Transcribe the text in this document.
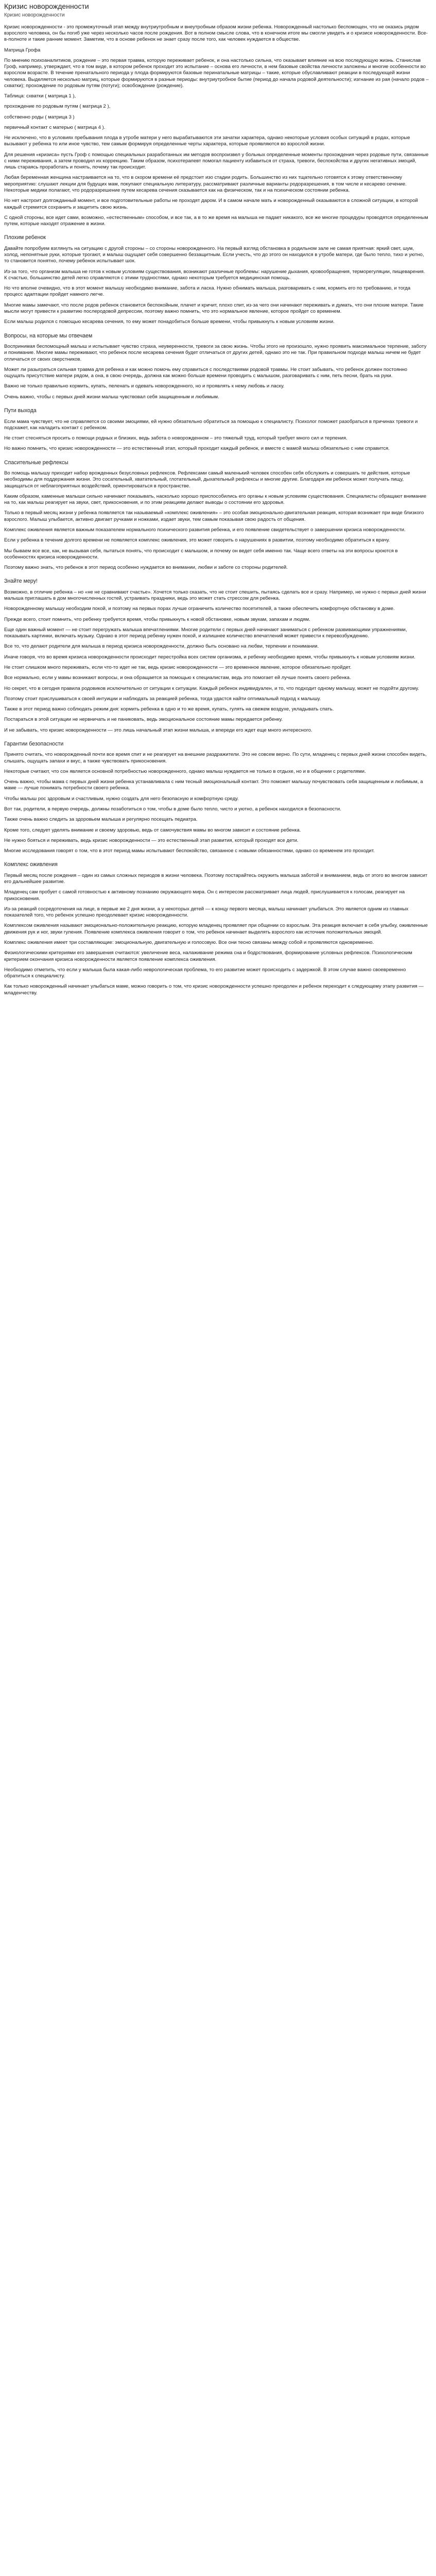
Кризис новорожденности
Кризис новорожденности

Кризис новорожденности - это промежуточный этап между внутриутробным и внеутробным образом жизни ребенка. Новорожденный настолько беспомощен, что не оказись рядом взрослого человека, он бы погиб уже через несколько часов после рождения. Вот в полном смысле слова, что в конечном итоге мы смогли увидеть и о кризисе новорожденности. Все-в-полноте и такие ранние момент. Заметим, что в основе ребенок не знает сразу после того, как человек нуждается в обществе.

Матрица Грофа

По мнению психоаналитиков, рождение – это первая травма, которую переживает ребенок, и она настолько сильна, что оказывает влияние на всю последующую жизнь. Станислав Гроф, например, утверждает, что в том виде, в котором ребенок проходит это испытание – основа его личности, в нем базовые свойства личности заложены и многие особенности во взрослом возрасте. В течение пренатального периода у плода формируются базовые перинатальные матрицы – такие, которые обуславливают реакции в последующей жизни человека. Выделяется несколько матриц, которые формируются в разные периоды: внутриутробное бытие (период до начала родовой деятельности); изгнание из рая (начало родов – схватки); прохождение по родовым путям (потуги); освобождение (рождение).

Таблица: схватки ( матрица 1 ),

прохождение по родовым путям ( матрица 2 ),

собственно роды ( матрица 3 )

первичный контакт с матерью ( матрица 4 ).

Не исключено, что в условиях пребывания плода в утробе матери у него вырабатываются эти зачатки характера, однако некоторые условия особых ситуаций в родах, которые вызывают у ребенка то или иное чувство, тем самым формируя определенные черты характера, которые проявляются во взрослой жизни.

Для решения «кризиса» пусть Гроф с помощью специальных разработанных им методов воспроизвел у больных определенные моменты прохождения через родовые пути, связанные с ними переживания, а затем проводил их коррекцию. Таким образом, психотерапевт помогал пациенту избавиться от страха, тревоги, беспокойства и других негативных эмоций, лишь стараясь проработать и понять, почему так происходит.

Любая беременная женщина настраивается на то, что в скором времени её предстоит изо стадии родить. Большинство из них тщательно готовятся к этому ответственному мероприятию: слушают лекции для будущих мам, покупают специальную литературу, рассматривают различные варианты родоразрешения, в том числе и кесарево сечение. Некоторые медики полагают, что родоразрешение путем кесарева сечения сказывается как на физическом, так и на психическом состоянии ребенка.

Но нет настроит долгожданный момент, и все подготовительные работы не проходят даром. И в самом начале мать и новорожденный оказываются в сложной ситуации, в которой каждый стремится сохранить и защитить свою жизнь.

С одной стороны, все идет сами, возможно, «естественным» способом, и все так, а в то же время на малыша не падает никакого, все же многие процедуры проводятся определенным путем, которые находят отражение в жизни.

Плохим ребенок

Давайте попробуем взглянуть на ситуацию с другой стороны – со стороны новорожденного. На первый взгляд обстановка в родильном зале не самая приятная: яркий свет, шум, холод, непонятные руки, которые трогают, и малыш ощущает себя совершенно беззащитным. Если учесть, что до этого он находился в утробе матери, где было тепло, тихо и уютно, то становится понятно, почему ребенок испытывает шок.

Из-за того, что организм малыша не готов к новым условиям существования, возникают различные проблемы: нарушение дыхания, кровообращения, терморегуляции, пищеварения. К счастью, большинство детей легко справляются с этими трудностями, однако некоторым требуется медицинская помощь.

Но что вполне очевидно, что в этот момент малышу необходимо внимание, забота и ласка. Нужно обнимать малыша, разговаривать с ним, кормить его по требованию, и тогда процесс адаптации пройдет намного легче.

Многие мамы замечают, что после родов ребенок становится беспокойным, плачет и кричит, плохо спит, из-за чего они начинают переживать и думать, что они плохие матери. Такие мысли могут привести к развитию послеродовой депрессии, поэтому важно помнить, что это нормальное явление, которое пройдет со временем.

Если малыш родился с помощью кесарева сечения, то ему может понадобиться больше времени, чтобы привыкнуть к новым условиям жизни.

Вопросы, на которые мы отвечаем

Воспринимая беспомощный малыш и испытывает чувство страха, неуверенности, тревоги за свою жизнь. Чтобы этого не произошло, нужно проявить максимальное терпение, заботу и понимание. Многие мамы переживают, что ребенок после кесарева сечения будет отличаться от других детей, однако это не так. При правильном подходе малыш ничем не будет отличаться от своих сверстников.

Может ли разыграться сильная травма для ребенка и как можно помочь ему справиться с последствиями родовой травмы. Не стоит забывать, что ребенок должен постоянно ощущать присутствие матери рядом, а она, в свою очередь, должна как можно больше времени проводить с малышом, разговаривать с ним, петь песни, брать на руки.

Важно не только правильно кормить, купать, пеленать и одевать новорожденного, но и проявлять к нему любовь и ласку.

Очень важно, чтобы с первых дней жизни малыш чувствовал себя защищенным и любимым.

Пути выхода

Если мама чувствует, что не справляется со своими эмоциями, ей нужно обязательно обратиться за помощью к специалисту. Психолог поможет разобраться в причинах тревоги и подскажет, как наладить контакт с ребенком.

Не стоит стесняться просить о помощи родных и близких, ведь забота о новорожденном – это тяжелый труд, который требует много сил и терпения.

Но важно помнить, что кризис новорожденности — это естественный этап, который проходит каждый ребенок, и вместе с мамой малыш обязательно с ним справится.

Спасительные рефлексы

Во помощь малышу приходит набор врожденных безусловных рефлексов. Рефлексами самый маленький человек способен себя обслужить и совершать те действия, которые необходимы для поддержания жизни. Это сосательный, хватательный, глотательный, дыхательный рефлексы и многие другие. Благодаря им ребенок может получать пищу, защищаться от неблагоприятных воздействий, ориентироваться в пространстве.

Каким образом, каменные малыши сильно начинают показывать, насколько хорошо приспособились его органы к новым условиям существования. Специалисты обращают внимание на то, как малыш реагирует на звуки, свет, прикосновения, и по этим реакциям делают выводы о состоянии его здоровья.

Только в первый месяц жизни у ребенка появляется так называемый «комплекс оживления» – это особая эмоционально-двигательная реакция, которая возникает при виде близкого взрослого. Малыш улыбается, активно двигает ручками и ножками, издает звуки, тем самым показывая свою радость от общения.

Комплекс оживления является важным показателем нормального психического развития ребенка, и его появление свидетельствует о завершении кризиса новорожденности.

Если у ребенка в течение долгого времени не появляется комплекс оживления, это может говорить о нарушениях в развитии, поэтому необходимо обратиться к врачу.

Мы бываем все все, как, не вызывая себя, пытаться понять, что происходит с малышом, и почему он ведет себя именно так. Чаще всего ответы на эти вопросы кроются в особенностях кризиса новорожденности.

Поэтому важно знать, что ребенок в этот период особенно нуждается во внимании, любви и заботе со стороны родителей.

Знайте меру!

Возможно, в отличие ребенка – но «не не сравнивают счастье». Хочется только сказать, что не стоит спешить, пытаясь сделать все и сразу. Например, не нужно с первых дней жизни малыша приглашать в дом многочисленных гостей, устраивать праздники, ведь это может стать стрессом для ребенка.

Новорожденному малышу необходим покой, и поэтому на первых порах лучше ограничить количество посетителей, а также обеспечить комфортную обстановку в доме.

Прежде всего, стоит помнить, что ребенку требуется время, чтобы привыкнуть к новой обстановке, новым звукам, запахам и людям.

Еще один важный момент — не стоит перегружать малыша впечатлениями. Многие родители с первых дней начинают заниматься с ребенком развивающими упражнениями, показывать картинки, включать музыку. Однако в этот период ребенку нужен покой, и излишнее количество впечатлений может привести к перевозбуждению.

Все то, что делают родители для малыша в период кризиса новорожденности, должно быть основано на любви, терпении и понимании.

Иначе говоря, что во время кризиса новорожденности происходит перестройка всех систем организма, и ребенку необходимо время, чтобы привыкнуть к новым условиям жизни.

Не стоит слишком много переживать, если что-то идет не так, ведь кризис новорожденности — это временное явление, которое обязательно пройдет.

Все нормально, если у мамы возникают вопросы, и она обращается за помощью к специалистам, ведь это помогает ей лучше понять своего ребенка.

Но секрет, что в сегодня правила родовиков исключительно от ситуации к ситуации. Каждый ребенок индивидуален, и то, что подходит одному малышу, может не подойти другому.

Поэтому стоит прислушиваться к своей интуиции и наблюдать за реакцией ребенка, тогда удастся найти оптимальный подход к малышу.

Также в этот период важно соблюдать режим дня: кормить ребенка в одно и то же время, купать, гулять на свежем воздухе, укладывать спать.

Постараться в этой ситуации не нервничать и не паниковать, ведь эмоциональное состояние мамы передается ребенку.

И не забывать, что кризис новорожденности — это лишь начальный этап жизни малыша, и впереди его ждет еще много интересного.

Гарантии безопасности

Принято считать, что новорожденный почти все время спит и не реагирует на внешние раздражители. Это не совсем верно. По сути, младенец с первых дней жизни способен видеть, слышать, ощущать запахи и вкус, а также чувствовать прикосновения.

Некоторые считают, что сон является основной потребностью новорожденного, однако малыш нуждается не только в отдыхе, но и в общении с родителями.

Очень важно, чтобы мама с первых дней жизни ребенка устанавливала с ним тесный эмоциональный контакт. Это поможет малышу почувствовать себя защищенным и любимым, а маме — лучше понимать потребности своего ребенка.

Чтобы малыш рос здоровым и счастливым, нужно создать для него безопасную и комфортную среду.

Вот так, родители, в первую очередь, должны позаботиться о том, чтобы в доме было тепло, чисто и уютно, а ребенок находился в безопасности.

Также очень важно следить за здоровьем малыша и регулярно посещать педиатра.

Кроме того, следует уделять внимание и своему здоровью, ведь от самочувствия мамы во многом зависит и состояние ребенка.

Не нужно бояться и переживать, ведь кризис новорожденности — это естественный этап развития, который проходят все дети.

Многие исследования говорят о том, что в этот период мамы испытывают беспокойство, связанное с новыми обязанностями, однако со временем это проходит.

Комплекс оживления

Первый месяц после рождения – один из самых сложных периодов в жизни человека. Поэтому постарайтесь окружить малыша заботой и вниманием, ведь от этого во многом зависит его дальнейшее развитие.

Младенец сам пробует с самой готовностью к активному познанию окружающего мира. Он с интересом рассматривает лица людей, прислушивается к голосам, реагирует на прикосновения.

Из-за реакций сосредоточения на лице, в первые же 2 дня жизни, а у некоторых детей — к концу первого месяца, малыш начинает улыбаться. Это является одним из главных показателей того, что ребенок успешно преодолевает кризис новорожденности.

Комплексом оживления называют эмоционально-положительную реакцию, которую младенец проявляет при общении со взрослым. Эта реакция включает в себя улыбку, оживленные движения рук и ног, звуки гуления. Появление комплекса оживления говорит о том, что ребенок начинает выделять взрослого как источник положительных эмоций.

Комплекс оживления имеет три составляющие: эмоциональную, двигательную и голосовую. Все они тесно связаны между собой и проявляются одновременно.

Физиологическими критериями его завершения считаются: увеличение веса, налаживание режима сна и бодрствования, формирование условных рефлексов. Психологическим критерием окончания кризиса новорожденности является появление комплекса оживления.

Необходимо отметить, что если у малыша была какая-либо неврологическая проблема, то его развитие может происходить с задержкой. В этом случае важно своевременно обратиться к специалисту.

Как только новорожденный начинает улыбаться маме, можно говорить о том, что кризис новорожденности успешно преодолен и ребенок переходит к следующему этапу развития — младенчеству.
